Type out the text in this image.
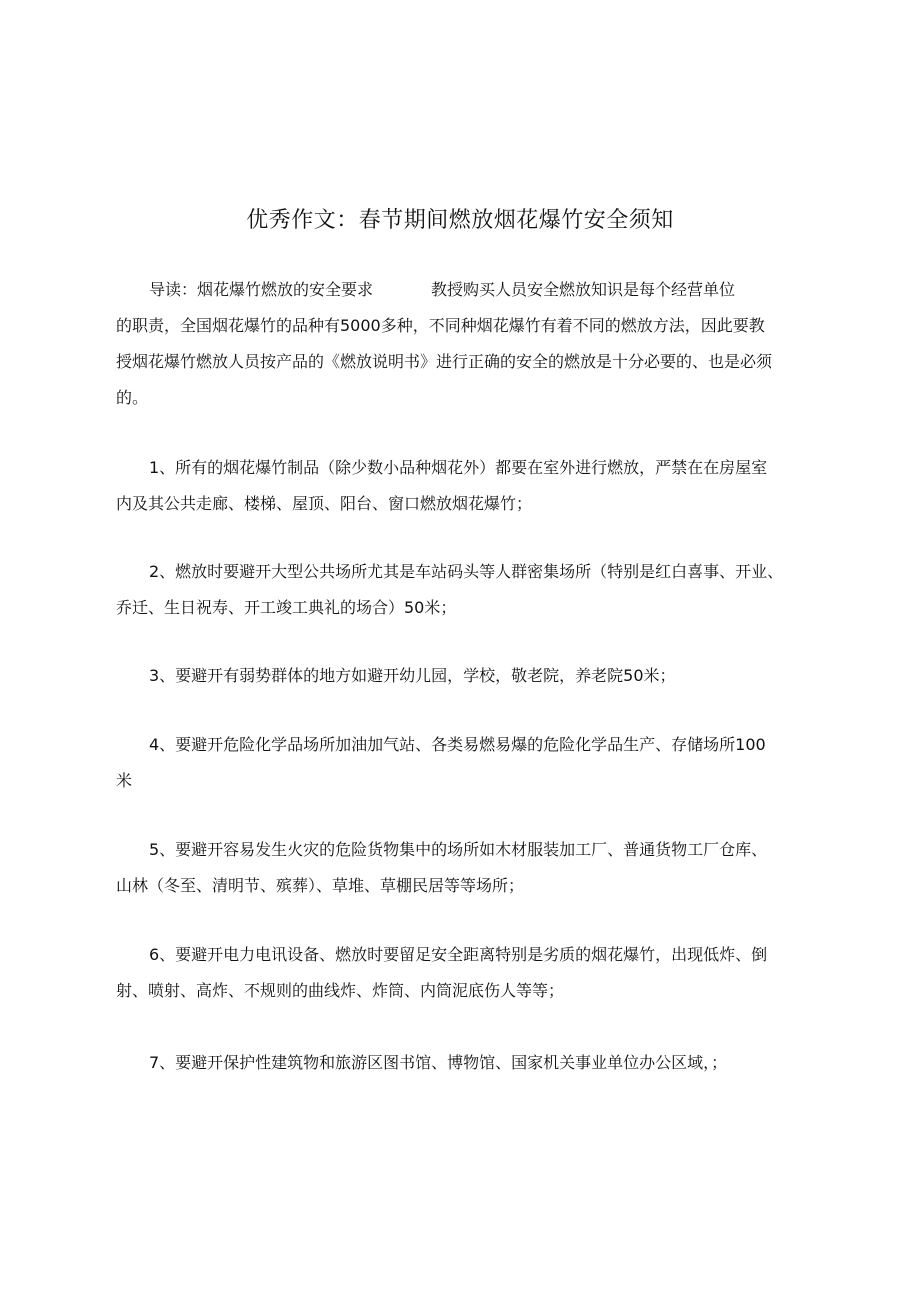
优秀作文：春节期间燃放烟花爆竹安全须知
导读：烟花爆竹燃放的安全要求	教授购买人员安全燃放知识是每个经营单位
的职责，全国烟花爆竹的品种有5000多种，不同种烟花爆竹有着不同的燃放方法，因此要教
授烟花爆竹燃放人员按产品的《燃放说明书》进行正确的安全的燃放是十分必要的、也是必须
的。
1、所有的烟花爆竹制品（除少数小品种烟花外）都要在室外进行燃放，严禁在在房屋室
内及其公共走廊、楼梯、屋顶、阳台、窗口燃放烟花爆竹；
2、燃放时要避开大型公共场所尤其是车站码头等人群密集场所（特别是红白喜事、开业、
乔迁、生日祝寿、开工竣工典礼的场合）50米；
3、要避开有弱势群体的地方如避开幼儿园，学校，敬老院，养老院50米；
4、要避开危险化学品场所加油加气站、各类易燃易爆的危险化学品生产、存储场所100
米
5、要避开容易发生火灾的危险货物集中的场所如木材服装加工厂、普通货物工厂仓库、
山林（冬至、清明节、殡葬）、草堆、草棚民居等等场所；
6、要避开电力电讯设备、燃放时要留足安全距离特别是劣质的烟花爆竹，出现低炸、倒
射、喷射、高炸、不规则的曲线炸、炸筒、内筒泥底伤人等等；
7、要避开保护性建筑物和旅游区图书馆、博物馆、国家机关事业单位办公区域，；
